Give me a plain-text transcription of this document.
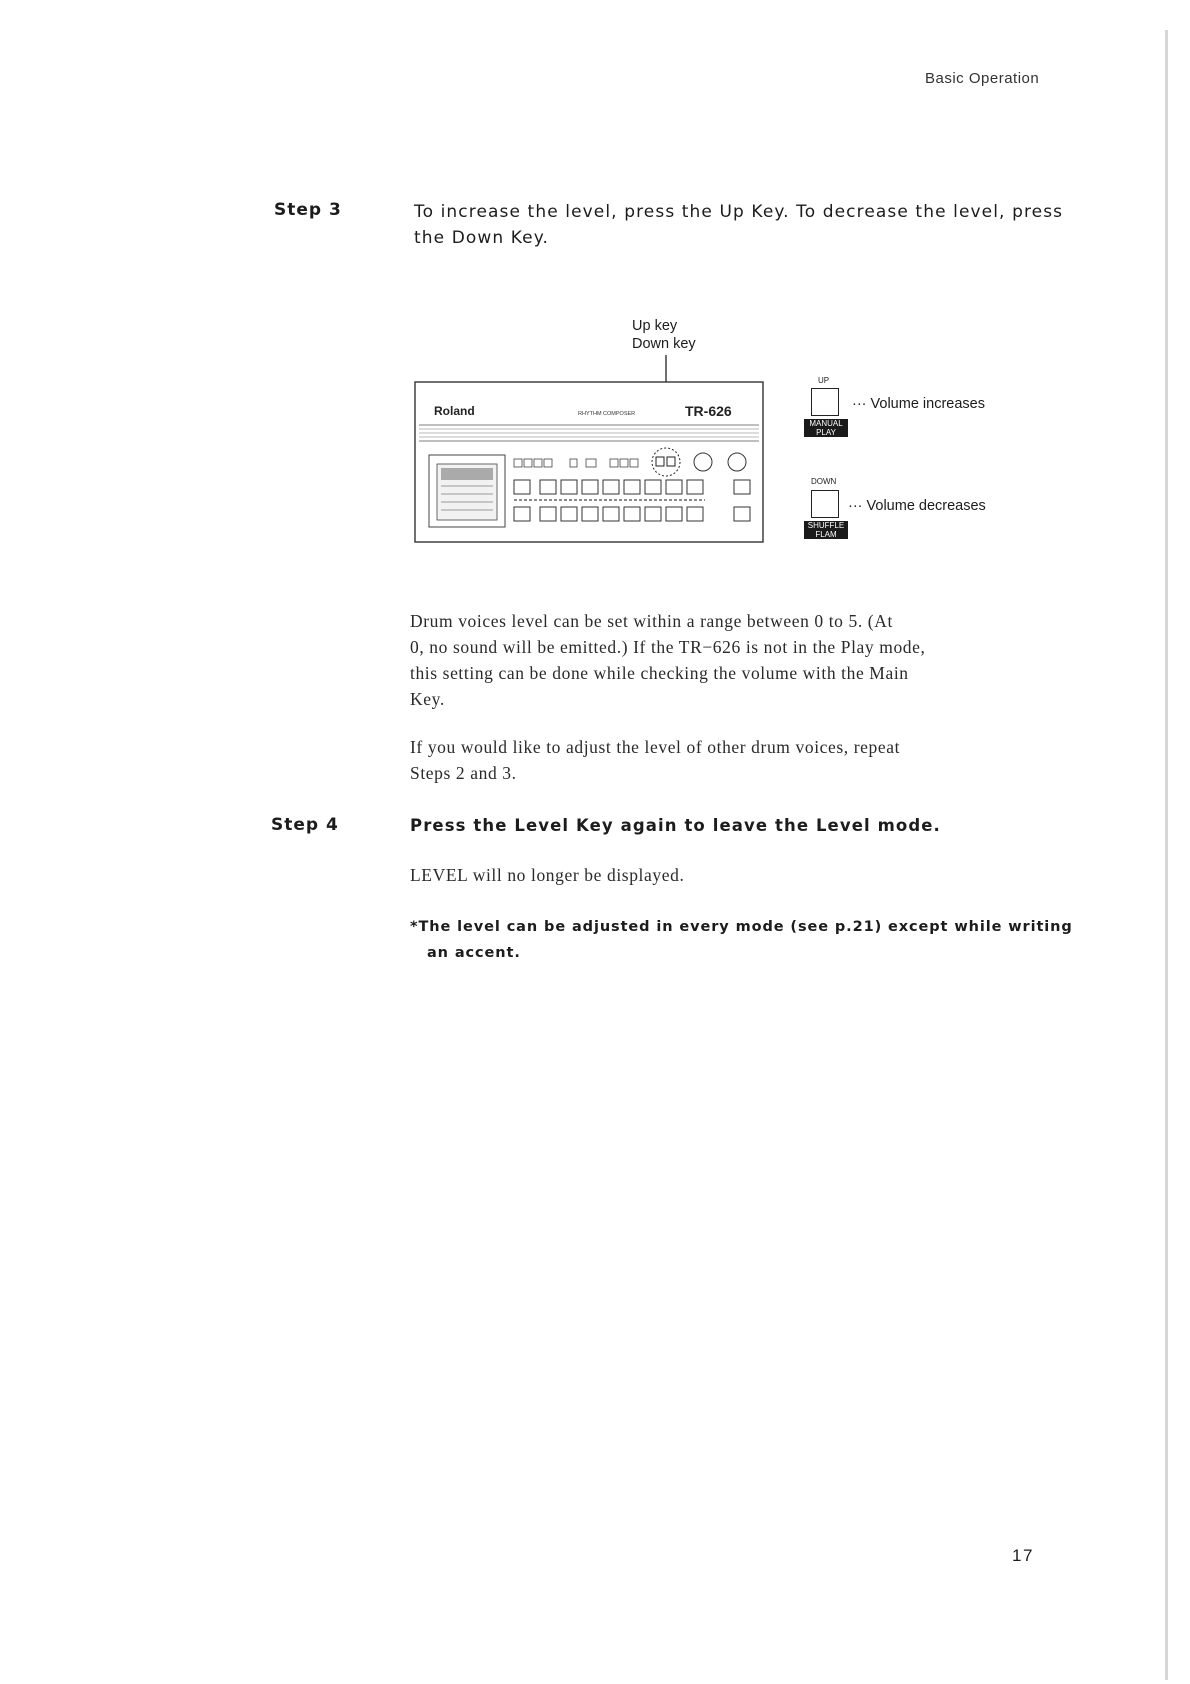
Basic Operation
Step 3	To increase the level, press the Up Key. To decrease the level, press
the Down Key.
Up key
Down key
Roland	RHYTHM COMPOSER	TR-626
UP
MANUAL
PLAY
··· Volume increases
DOWN
SHUFFLE
FLAM
··· Volume decreases
Drum voices level can be set within a range between 0 to 5. (At
0, no sound will be emitted.) If the TR−626 is not in the Play mode,
this setting can be done while checking the volume with the Main
Key.
If you would like to adjust the level of other drum voices, repeat
Steps 2 and 3.
Step 4	Press the Level Key again to leave the Level mode.
LEVEL will no longer be displayed.
*The level can be adjusted in every mode (see p.21) except while writing
an accent.
17
